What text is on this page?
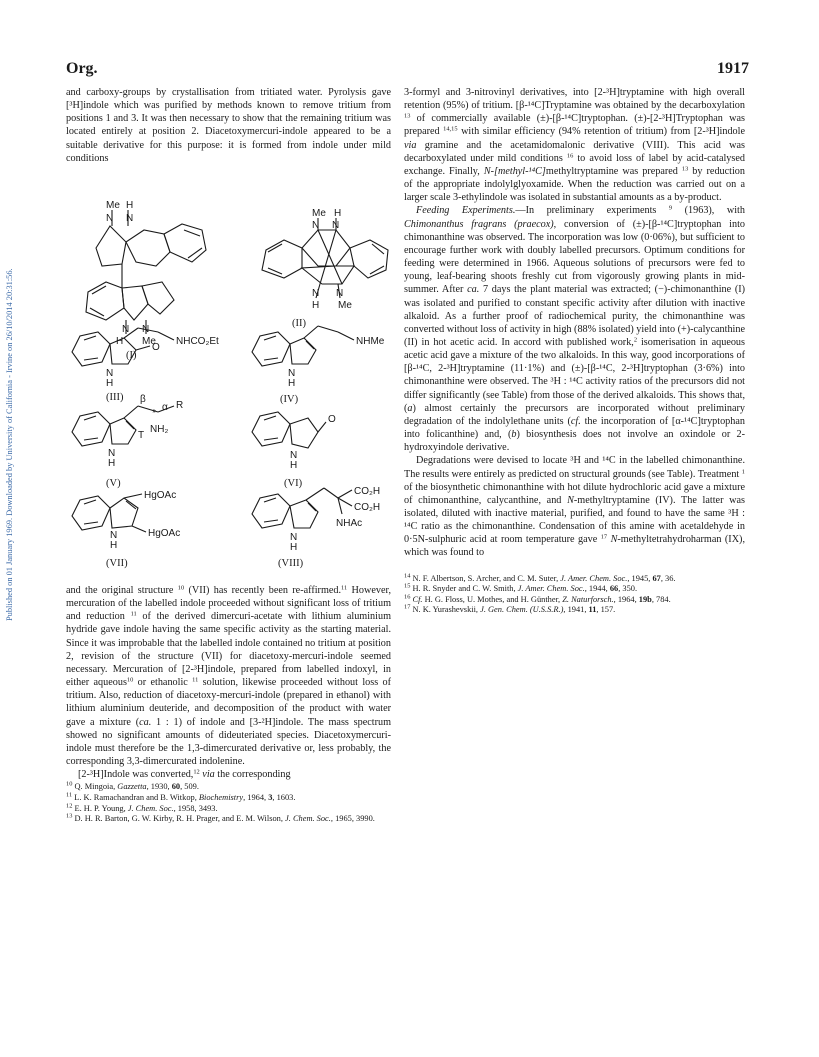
Published on 01 January 1969. Downloaded by University of California - Irvine on 26/10/2014 20:31:56.
Org.	1917

and carboxy-groups by crystallisation from tritiated water. Pyrolysis gave [³H]indole which was purified by methods known to remove tritium from positions 1 and 3. It was then necessary to show that the remaining tritium was located entirely at position 2. Diacetoxymercuri-indole appeared to be a suitable derivative for this purpose: it is formed from indole under mild conditions

Me H
N N
N N
H Me
(I)
Me H
N N
N N
H Me
(II)
NHCO₂Et
N
H
O
(III)
NHMe
N
H
(IV)
β
α R
*
T
NH₂
N
H
(V)
O
N
H
(VI)
HgOAc
HgOAc
N
H
(VII)
CO₂H
CO₂H
NHAc
N
H
(VIII)

and the original structure $^{10}$ (VII) has recently been re-affirmed.$^{11}$ However, mercuration of the labelled indole proceeded without significant loss of tritium and reduction $^{11}$ of the derived dimercuri-acetate with lithium aluminium hydride gave indole having the same specific activity as the starting material. Since it was improbable that the labelled indole contained no tritium at position 2, revision of the structure (VII) for diacetoxy-mercuri-indole seemed necessary. Mercuration of [2-³H]indole, prepared from labelled indoxyl, in either aqueous$^{10}$ or ethanolic $^{11}$ solution, likewise proceeded without loss of tritium. Also, reduction of diacetoxy-mercuri-indole (prepared in ethanol) with lithium aluminium deuteride, and decomposition of the product with water gave a mixture (ca. 1 : 1) of indole and [3-²H]indole. The mass spectrum showed no significant amounts of dideuteriated species. Diacetoxymercuri-indole must therefore be the 1,3-dimercurated derivative or, less probably, the corresponding 3,3-dimercurated indolenine.

[2-³H]Indole was converted,$^{12}$ via the corresponding

$^{10}$ Q. Mingoia, Gazzetta, 1930, 60, 509.

$^{11}$ L. K. Ramachandran and B. Witkop, Biochemistry, 1964, 3, 1603.

$^{12}$ E. H. P. Young, J. Chem. Soc., 1958, 3493.

$^{13}$ D. H. R. Barton, G. W. Kirby, R. H. Prager, and E. M. Wilson, J. Chem. Soc., 1965, 3990.

3-formyl and 3-nitrovinyl derivatives, into [2-³H]tryptamine with high overall retention (95%) of tritium. [β-¹⁴C]Tryptamine was obtained by the decarboxylation $^{13}$ of commercially available (±)-[β-¹⁴C]tryptophan. (±)-[2-³H]Tryptophan was prepared $^{14,15}$ with similar efficiency (94% retention of tritium) from [2-³H]indole via gramine and the acetamidomalonic derivative (VIII). This acid was decarboxylated under mild conditions $^{16}$ to avoid loss of label by acid-catalysed exchange. Finally, N-[methyl-¹⁴C]methyltryptamine was prepared $^{13}$ by reduction of the appropriate indolylglyoxamide. When the reduction was carried out on a larger scale 3-ethylindole was isolated in substantial amounts as a by-product.

Feeding Experiments.—In preliminary experiments $^9$ (1963), with Chimonanthus fragrans (praecox), conversion of (±)-[β-¹⁴C]tryptophan into chimonanthine was observed. The incorporation was low (0·06%), but sufficient to encourage further work with doubly labelled precursors. Optimum conditions for feeding were determined in 1966. Aqueous solutions of precursors were fed to young, leaf-bearing shoots freshly cut from vigorously growing plants in mid-summer. After ca. 7 days the plant material was extracted; (−)-chimonanthine (I) was isolated and purified to constant specific activity after dilution with inactive alkaloid. As a further proof of radiochemical purity, the chimonanthine was converted without loss of activity in high (88% isolated) yield into (+)-calycanthine (II) in hot acetic acid. In accord with published work,$^2$ isomerisation in aqueous acetic acid gave a mixture of the two alkaloids. In this way, good incorporations of [β-¹⁴C, 2-³H]tryptamine (11·1%) and (±)-[β-¹⁴C, 2-³H]tryptophan (3·6%) into chimonanthine were observed. The ³H : ¹⁴C activity ratios of the precursors did not differ significantly (see Table) from those of the derived alkaloids. This shows that, (a) almost certainly the precursors are incorporated without preliminary degradation of the indolylethane units (cf. the incorporation of [α-¹⁴C]tryptophan into folicanthine) and, (b) biosynthesis does not involve an oxindole or 2-hydroxyindole derivative.

Degradations were devised to locate ³H and ¹⁴C in the labelled chimonanthine. The results were entirely as predicted on structural grounds (see Table). Treatment $^1$ of the biosynthetic chimonanthine with hot dilute hydrochloric acid gave a mixture of chimonanthine, calycanthine, and N-methyltryptamine (IV). The latter was isolated, diluted with inactive material, purified, and found to have the same ³H : ¹⁴C ratio as the chimonanthine. Condensation of this amine with acetaldehyde in 0·5N-sulphuric acid at room temperature gave $^{17}$ N-methyltetrahydroharman (IX), which was found to

$^{14}$ N. F. Albertson, S. Archer, and C. M. Suter, J. Amer. Chem. Soc., 1945, 67, 36.

$^{15}$ H. R. Snyder and C. W. Smith, J. Amer. Chem. Soc., 1944, 66, 350.

$^{16}$ Cf. H. G. Floss, U. Mothes, and H. Günther, Z. Naturforsch., 1964, 19b, 784.

$^{17}$ N. K. Yurashevskii, J. Gen. Chem. (U.S.S.R.), 1941, 11, 157.
